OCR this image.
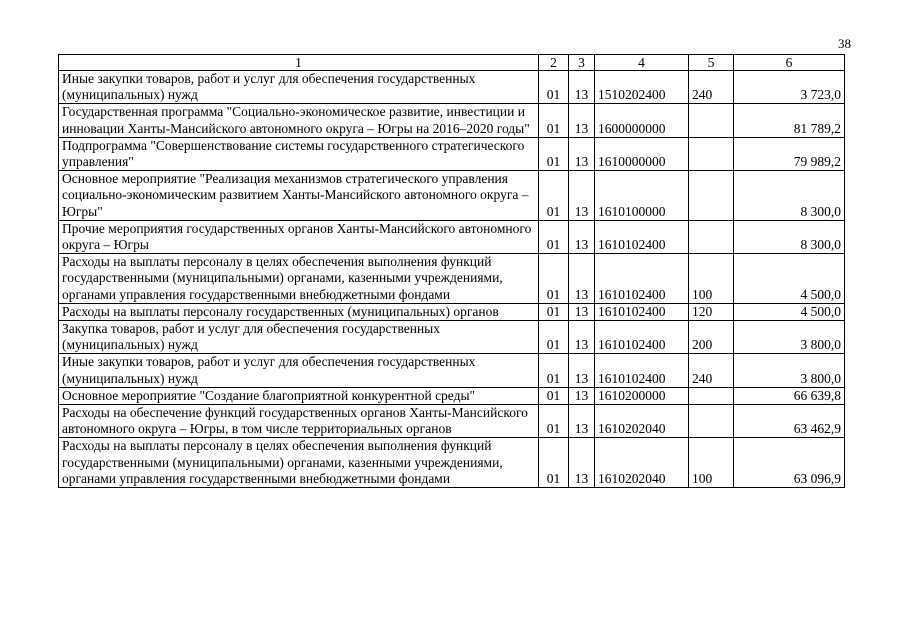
38
1	2	3	4	5	6
Иные закупки товаров, работ и услуг для обеспечения государственных (муниципальных) нужд	01	13	1510202400	240	3 723,0
Государственная программа "Социально-экономическое развитие, инвестиции и инновации Ханты-Мансийского автономного округа – Югры на 2016–2020 годы"	01	13	1600000000		81 789,2
Подпрограмма "Совершенствование системы государственного стратегического управления"	01	13	1610000000		79 989,2
Основное мероприятие "Реализация механизмов стратегического управления социально-экономическим развитием Ханты-Мансийского автономного округа – Югры"	01	13	1610100000		8 300,0
Прочие мероприятия государственных органов Ханты-Мансийского автономного округа – Югры	01	13	1610102400		8 300,0
Расходы на выплаты персоналу в целях обеспечения выполнения функций государственными (муниципальными) органами, казенными учреждениями, органами управления государственными внебюджетными фондами	01	13	1610102400	100	4 500,0
Расходы на выплаты персоналу государственных (муниципальных) органов	01	13	1610102400	120	4 500,0
Закупка товаров, работ и услуг для обеспечения государственных (муниципальных) нужд	01	13	1610102400	200	3 800,0
Иные закупки товаров, работ и услуг для обеспечения государственных (муниципальных) нужд	01	13	1610102400	240	3 800,0
Основное мероприятие "Создание благоприятной конкурентной среды"	01	13	1610200000		66 639,8
Расходы на обеспечение функций государственных органов Ханты-Мансийского автономного округа – Югры, в том числе территориальных органов	01	13	1610202040		63 462,9
Расходы на выплаты персоналу в целях обеспечения выполнения функций государственными (муниципальными) органами, казенными учреждениями, органами управления государственными внебюджетными фондами	01	13	1610202040	100	63 096,9
